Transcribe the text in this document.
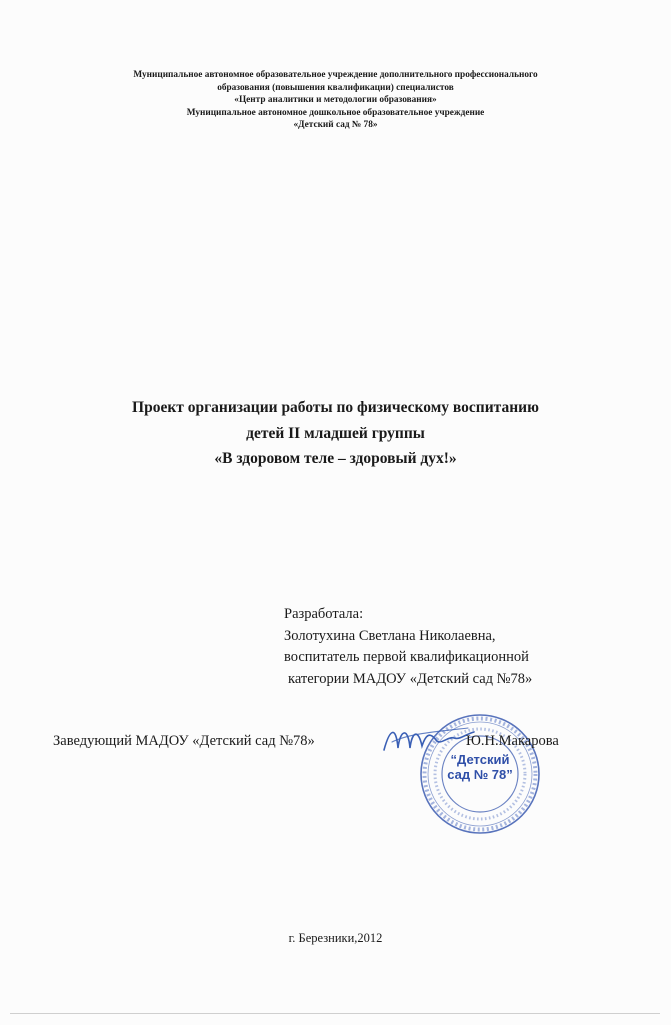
Муниципальное автономное образовательное учреждение дополнительного профессионального
образования (повышения квалификации) специалистов
«Центр аналитики и методологии образования»
Муниципальное автономное дошкольное образовательное учреждение
«Детский сад № 78»
Проект организации работы по физическому воспитанию
детей II младшей группы
«В здоровом теле – здоровый дух!»
Разработала:
Золотухина Светлана Николаевна,
воспитатель первой квалификационной
категории МАДОУ «Детский сад №78»
Заведующий МАДОУ «Детский сад №78»
“Детский
сад № 78”
Ю.Н.Макарова
г. Березники,2012
